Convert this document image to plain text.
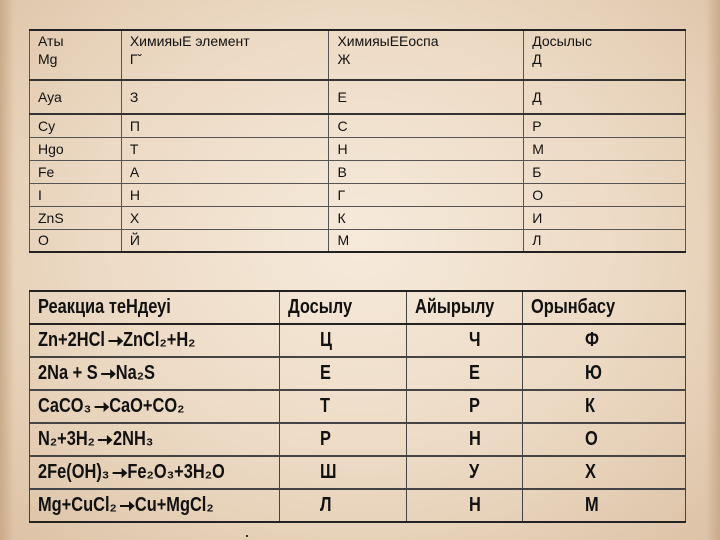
Аты	ХимияыЕ элемент	ХимияыЕЕоспа	Досылыс
Mg	Гˇ	Ж	Д
Ауа	З	Е	Д
Су	П	С	Р
Hgo	Т	Н	М
Fe	А	В	Б
I	Н	Г	О
ZnS	Х	К	И
О	Й	М	Л
Реакциа теНдеуі	Досылу	Айырылу	Орынбасу
Zn+2HCl ZnCl₂+H₂	Ц	Ч	Ф
2Na + S Na₂S	Е	Е	Ю
CaCO₃ CaO+CO₂	Т	Р	К
N₂+3H₂ 2NH₃	Р	Н	О
2Fe(OH)₃ Fe₂O₃+3H₂O	Ш	У	Х
Mg+CuCl₂ Cu+MgCl₂	Л	Н	М
